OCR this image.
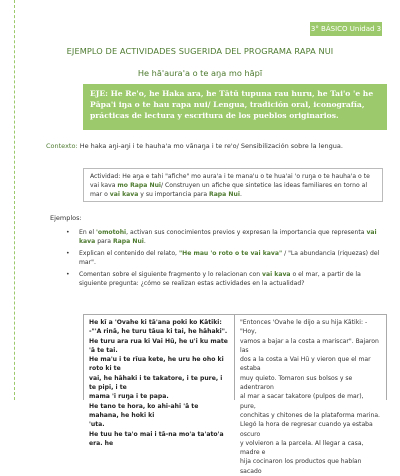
3° BÁSICO Unidad 3
EJEMPLO DE ACTIVIDADES SUGERIDA DEL PROGRAMA RAPA NUI
He hā'aura'a o te aŋa mo hāpī
EJE: He Re'o, he Haka ara, he Tātū tupuna rau huru, he Tai'o 'e he
Pāpa'i iŋa o te hau rapa nui/ Lengua, tradición oral, iconografía,
prácticas de lectura y escritura de los pueblos originarios.
Contexto: He haka aŋi-aŋi i te hauha'a mo vānaŋa i te re'o/ Sensibilización sobre la lengua.
Actividad: He aŋa e tahi "afiche" mo aura'a i te mana'u o te hua'ai 'o ruŋa o te hauha'a o te vai kava mo Rapa Nui/ Construyen un afiche que sintetice las ideas familiares en torno al mar o vai kava y su importancia para Rapa Nui.
Ejemplos:
• En el 'omotohi, activan sus conocimientos previos y expresan la importancia que representa vai kava para Rapa Nui.
• Explican el contenido del relato, "He mau 'o roto o te vai kava" / "La abundancia (riquezas) del mar".
• Comentan sobre el siguiente fragmento y lo relacionan con vai kava o el mar, a partir de la siguiente pregunta: ¿cómo se realizan estas actividades en la actualidad?
He kī a 'Ovahe ki tā'ana poki ko Kātiki:
-"'A rinā, he turu tāua ki tai, he hāhaki".
He turu ara rua ki Vai Hū, he u'i ku mate 'ā te tai.
He ma'u i te rīua kete, he uru he oho ki roto ki te
vai, he hāhaki i te takatore, i te pure, i te pipi, i te
mama 'i ruŋa i te papa.
He tano te hora, ko ahi-ahi 'ā te mahana, he hoki ki
'uta.
He tuu he ta'o mai i tā-na mo'a ta'ato'a era. he
"Entonces 'Ovahe le dijo a su hija Kātiki: - "Hoy,
vamos a bajar a la costa a mariscar". Bajaron las
dos a la costa a Vai Hū y vieron que el mar estaba
muy quieto. Tomaron sus bolsos y se adentraron
al mar a sacar takatore (pulpos de mar), pure,
conchitas y chitones de la plataforma marina.
Llegó la hora de regresar cuando ya estaba oscuro
y volvieron a la parcela. Al llegar a casa, madre e
hija cocinaron los productos que habían sacado
